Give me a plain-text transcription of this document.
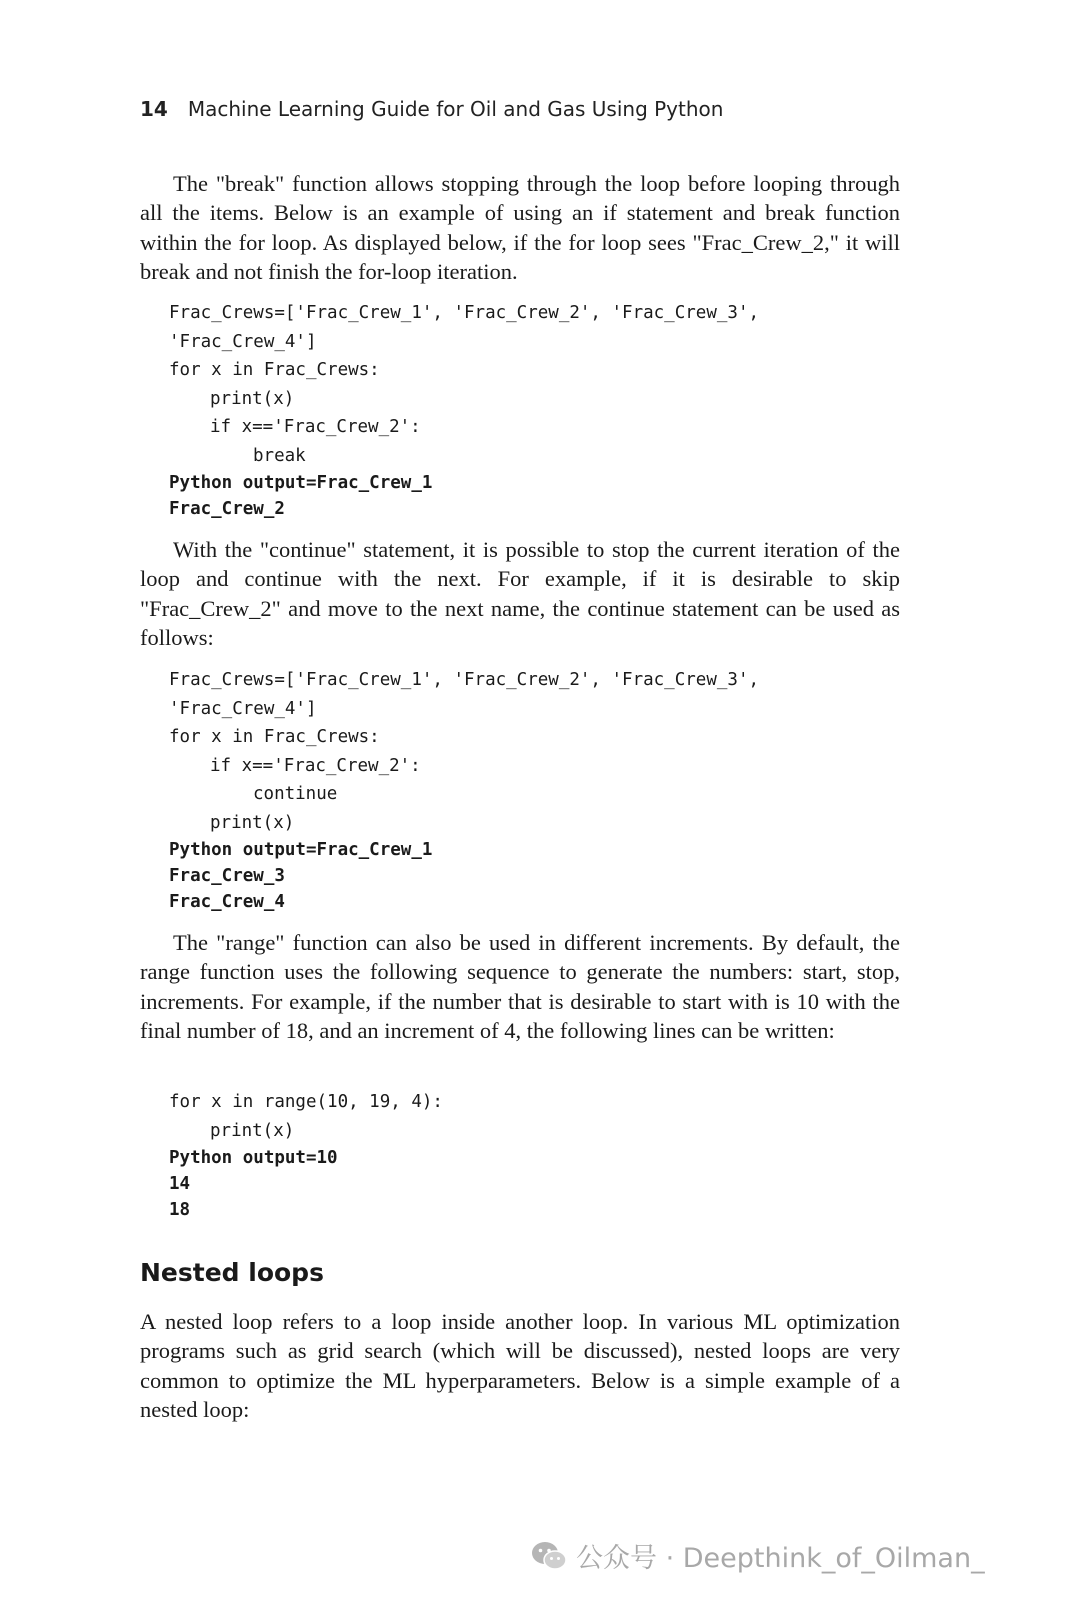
14 Machine Learning Guide for Oil and Gas Using Python

The "break" function allows stopping through the loop before looping through all the items. Below is an example of using an if statement and break function within the for loop. As displayed below, if the for loop sees "Frac_Crew_2," it will break and not finish the for-loop iteration.

Frac_Crews=['Frac_Crew_1', 'Frac_Crew_2', 'Frac_Crew_3',
'Frac_Crew_4']
for x in Frac_Crews:
print(x)
if x=='Frac_Crew_2':
break
Python output=Frac_Crew_1
Frac_Crew_2

With the "continue" statement, it is possible to stop the current iteration of the loop and continue with the next. For example, if it is desirable to skip "Frac_Crew_2" and move to the next name, the continue statement can be used as follows:

Frac_Crews=['Frac_Crew_1', 'Frac_Crew_2', 'Frac_Crew_3',
'Frac_Crew_4']
for x in Frac_Crews:
if x=='Frac_Crew_2':
continue
print(x)
Python output=Frac_Crew_1
Frac_Crew_3
Frac_Crew_4

The "range" function can also be used in different increments. By default, the range function uses the following sequence to generate the numbers: start, stop, increments. For example, if the number that is desirable to start with is 10 with the final number of 18, and an increment of 4, the following lines can be written:

for x in range(10, 19, 4):
print(x)
Python output=10
14
18
Nested loops

A nested loop refers to a loop inside another loop. In various ML optimization programs such as grid search (which will be discussed), nested loops are very common to optimize the ML hyperparameters. Below is a simple example of a nested loop:

公众号 · Deepthink_of_Oilman_
